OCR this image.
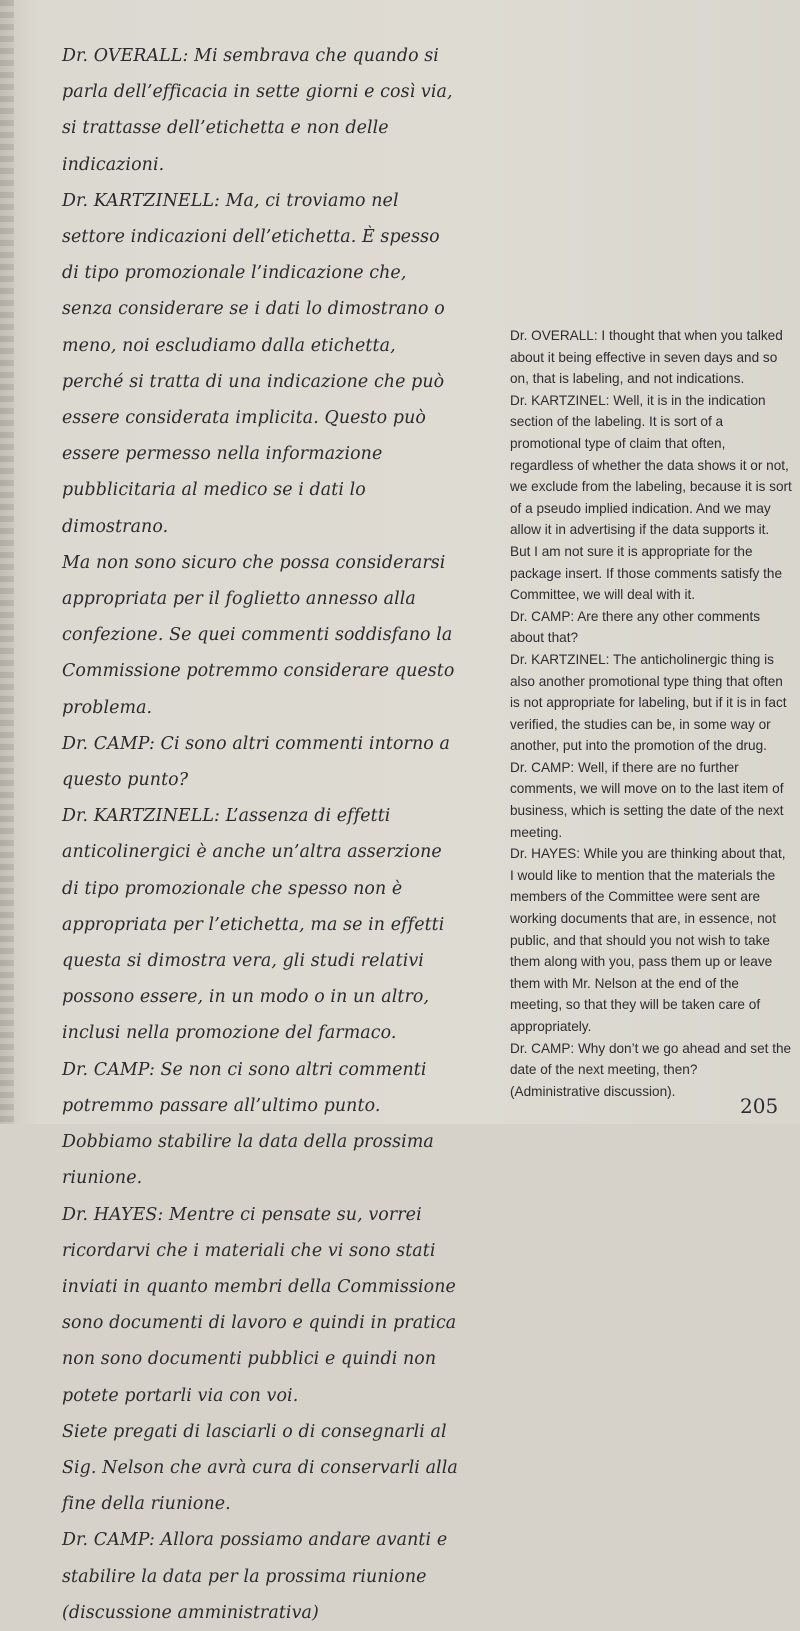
Dr. OVERALL: Mi sembrava che quando si parla dell’efficacia in sette giorni e così via, si trattasse dell’etichetta e non delle indicazioni.

Dr. KARTZINELL: Ma, ci troviamo nel settore indicazioni dell’etichetta. È spesso di tipo promozionale l’indicazione che, senza considerare se i dati lo dimostrano o meno, noi escludiamo dalla etichetta, perché si tratta di una indicazione che può essere considerata implicita. Questo può essere permesso nella informazione pubblicitaria al medico se i dati lo dimostrano.

Ma non sono sicuro che possa considerarsi appropriata per il foglietto annesso alla confezione. Se quei commenti soddisfano la Commissione potremmo considerare questo problema.

Dr. CAMP: Ci sono altri commenti intorno a questo punto?

Dr. KARTZINELL: L’assenza di effetti anticolinergici è anche un’altra asserzione di tipo promozionale che spesso non è appropriata per l’etichetta, ma se in effetti questa si dimostra vera, gli studi relativi possono essere, in un modo o in un altro, inclusi nella promozione del farmaco.

Dr. CAMP: Se non ci sono altri commenti potremmo passare all’ultimo punto. Dobbiamo stabilire la data della prossima riunione.

Dr. HAYES: Mentre ci pensate su, vorrei ricordarvi che i materiali che vi sono stati inviati in quanto membri della Commissione sono documenti di lavoro e quindi in pratica non sono documenti pubblici e quindi non potete portarli via con voi.

Siete pregati di lasciarli o di consegnarli al Sig. Nelson che avrà cura di conservarli alla fine della riunione.

Dr. CAMP: Allora possiamo andare avanti e stabilire la data per la prossima riunione

(discussione amministrativa)

Dr. OVERALL: I thought that when you talked about it being effective in seven days and so on, that is labeling, and not indications.

Dr. KARTZINEL: Well, it is in the indication section of the labeling. It is sort of a promotional type of claim that often, regardless of whether the data shows it or not, we exclude from the labeling, because it is sort of a pseudo implied indication. And we may allow it in advertising if the data supports it. But I am not sure it is appropriate for the package insert. If those comments satisfy the Committee, we will deal with it.

Dr. CAMP: Are there any other comments about that?

Dr. KARTZINEL: The anticholinergic thing is also another promotional type thing that often is not appropriate for labeling, but if it is in fact verified, the studies can be, in some way or another, put into the promotion of the drug.

Dr. CAMP: Well, if there are no further comments, we will move on to the last item of business, which is setting the date of the next meeting.

Dr. HAYES: While you are thinking about that, I would like to mention that the materials the members of the Committee were sent are working documents that are, in essence, not public, and that should you not wish to take them along with you, pass them up or leave them with Mr. Nelson at the end of the meeting, so that they will be taken care of appropriately.

Dr. CAMP: Why don’t we go ahead and set the date of the next meeting, then?

(Administrative discussion).

205
